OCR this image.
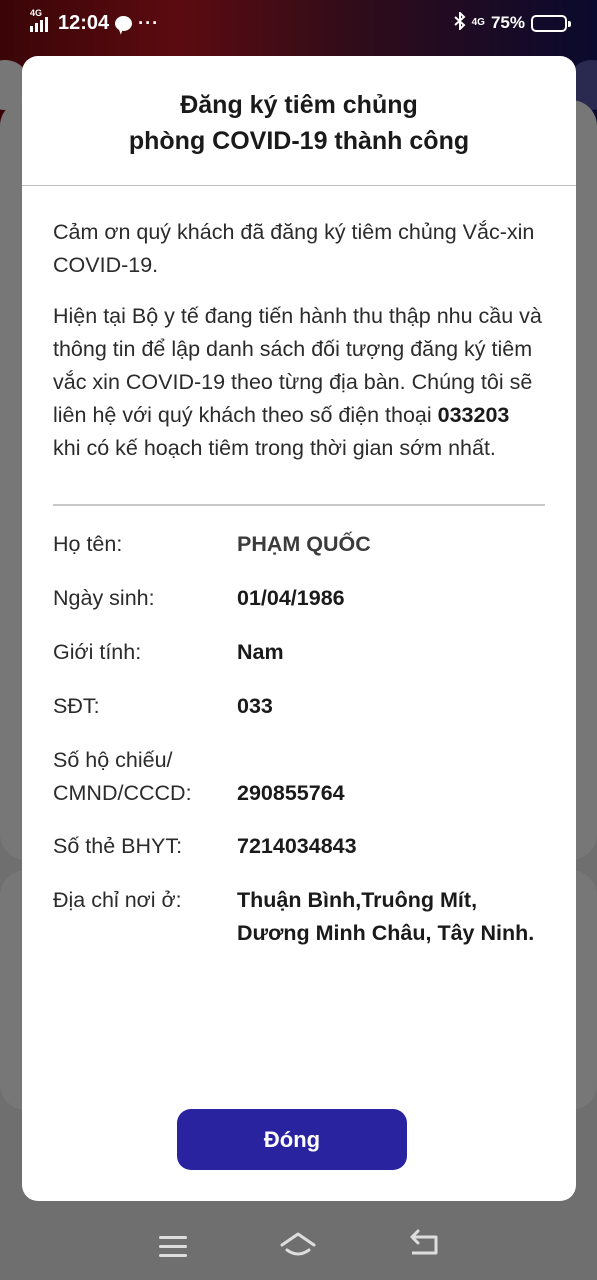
4G 12:04 ···	4G 75%
Đăng ký tiêm chủng
phòng COVID-19 thành công

Cảm ơn quý khách đã đăng ký tiêm chủng Vắc-xin COVID-19.

Hiện tại Bộ y tế đang tiến hành thu thập nhu cầu và thông tin để lập danh sách đối tượng đăng ký tiêm vắc xin COVID-19 theo từng địa bàn. Chúng tôi sẽ liên hệ với quý khách theo số điện thoại 033203 khi có kế hoạch tiêm trong thời gian sớm nhất.

Họ tên:	PHẠM QUỐC
Ngày sinh:	01/04/1986
Giới tính:	Nam
SĐT:	033
Số hộ chiếu/
CMND/CCCD:	290855764
Số thẻ BHYT:	7214034843
Địa chỉ nơi ở:	Thuận Bình,Truông Mít,
Dương Minh Châu, Tây Ninh.
Đóng
